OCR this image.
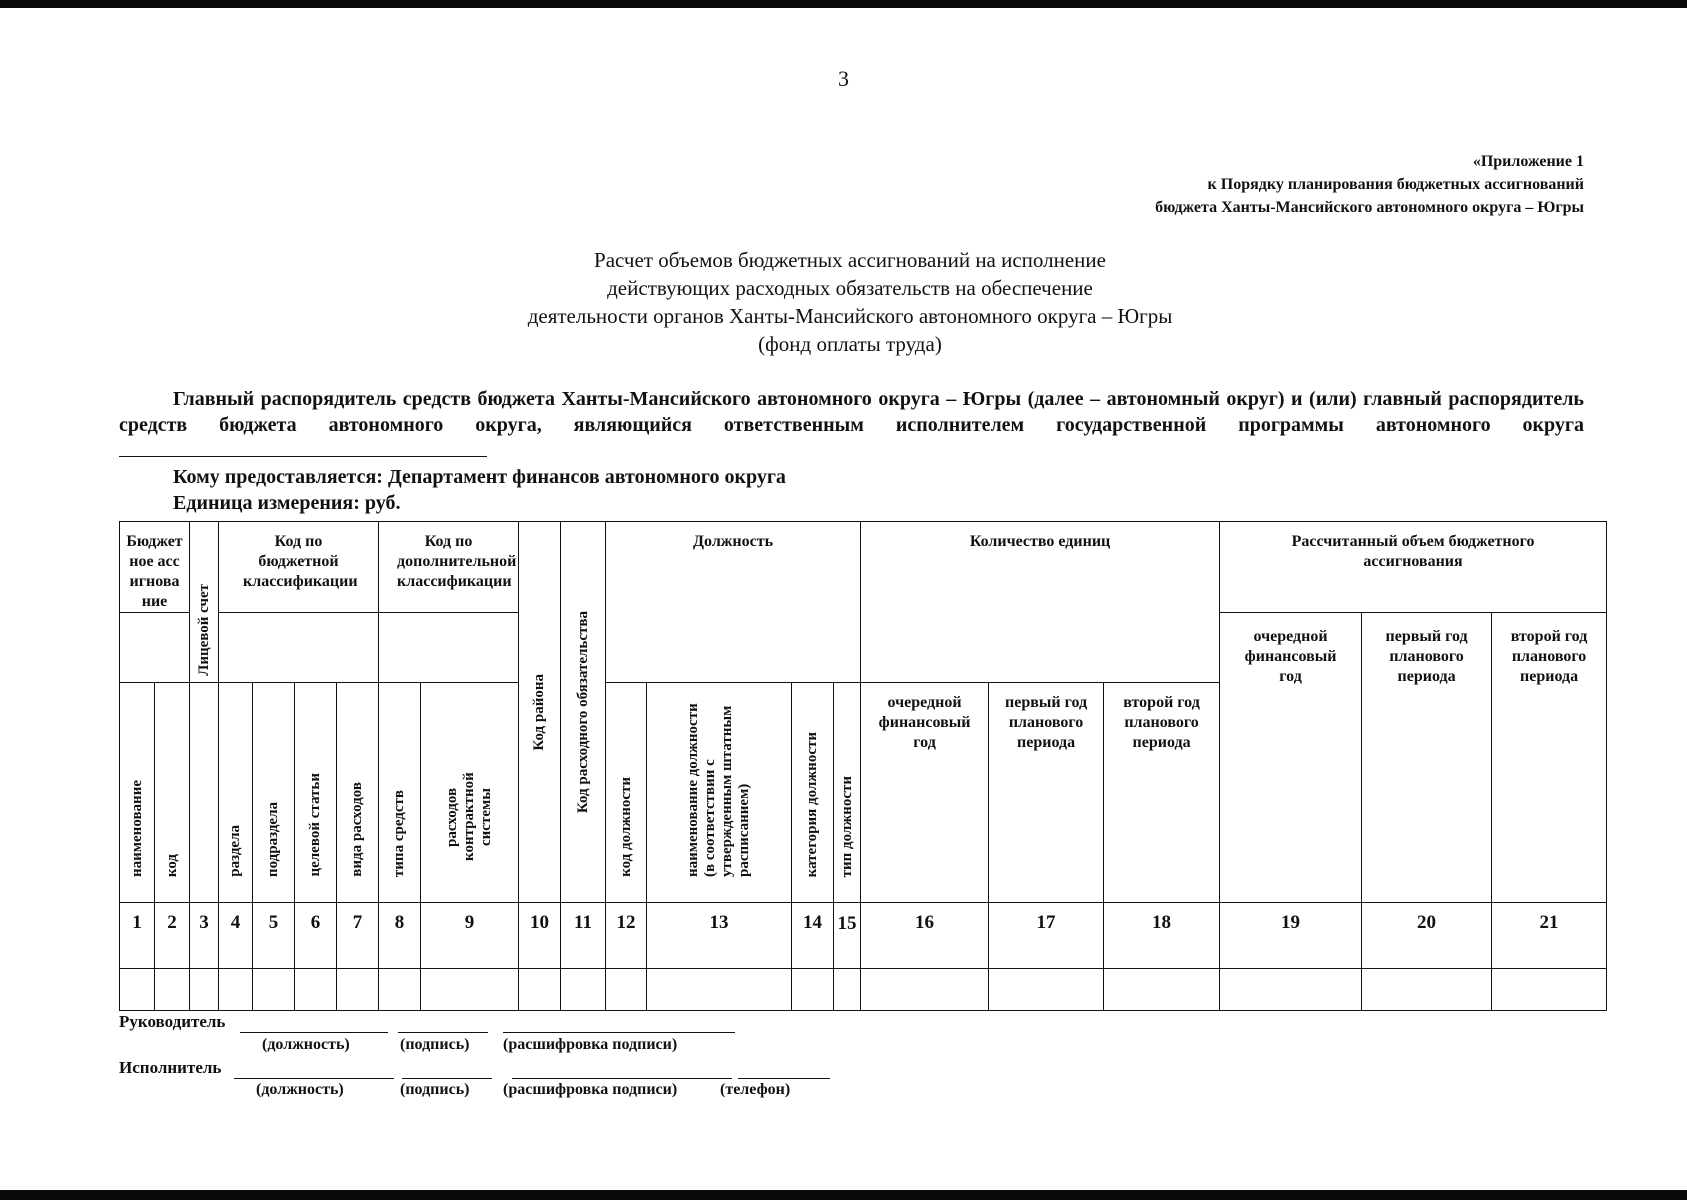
3
«Приложение 1
к Порядку планирования бюджетных ассигнований
бюджета Ханты-Мансийского автономного округа – Югры
Расчет объемов бюджетных ассигнований на исполнение
действующих расходных обязательств на обеспечение
деятельности органов Ханты-Мансийского автономного округа – Югры
(фонд оплаты труда)
Главный распорядитель средств бюджета Ханты-Мансийского автономного округа – Югры (далее – автономный округ) и (или) главный распорядитель средств бюджета автономного округа, являющийся ответственным исполнителем государственной программы автономного округа
Кому предоставляется: Департамент финансов автономного округа
Единица измерения: руб.
Бюджетное ассигнование		Лицевой счет	Код по бюджетной классификации				Код по дополнительной классификации		Код района	Код расходного обязательства	Должность				Количество единиц			Рассчитанный объем бюджетного ассигнования		
																		очередной финансовый год	первый год планового периода	второй год планового периода

наименование	код		раздела	подраздела	целевой статьи	вида расходов	типа средств	расходов контрактной системы			код должности	наименование должности (в соответствии с утвержденным штатным расписанием)	категория должности	тип должности	очередной финансовый год	первый год планового периода	второй год планового периода			
1	2	3	4	5	6	7	8	9	10	11	12	13	14	15	16	17	18	19	20	21

Руководитель
(должность)	(подпись) (расшифровка подписи)
Исполнитель
(должность)	(подпись) (расшифровка подписи)	(телефон)
